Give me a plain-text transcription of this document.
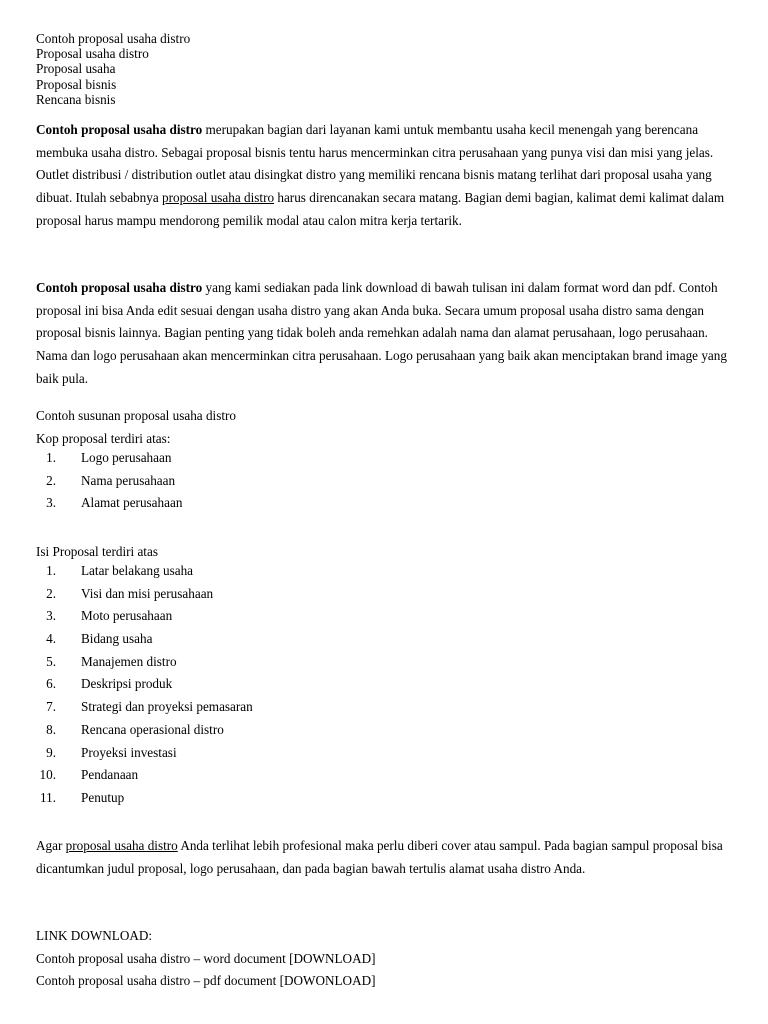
Contoh proposal usaha distro
Proposal usaha distro
Proposal usaha
Proposal bisnis
Rencana bisnis

Contoh proposal usaha distro merupakan bagian dari layanan kami untuk membantu usaha kecil menengah yang berencana membuka usaha distro. Sebagai proposal bisnis tentu harus mencerminkan citra perusahaan yang punya visi dan misi yang jelas. Outlet distribusi / distribution outlet atau disingkat distro yang memiliki rencana bisnis matang terlihat dari proposal usaha yang dibuat. Itulah sebabnya proposal usaha distro harus direncanakan secara matang. Bagian demi bagian, kalimat demi kalimat dalam proposal harus mampu mendorong pemilik modal atau calon mitra kerja tertarik.

Contoh proposal usaha distro yang kami sediakan pada link download di bawah tulisan ini dalam format word dan pdf. Contoh proposal ini bisa Anda edit sesuai dengan usaha distro yang akan Anda buka. Secara umum proposal usaha distro sama dengan proposal bisnis lainnya. Bagian penting yang tidak boleh anda remehkan adalah nama dan alamat perusahaan, logo perusahaan. Nama dan logo perusahaan akan mencerminkan citra perusahaan. Logo perusahaan yang baik akan menciptakan brand image yang baik pula.

Contoh susunan proposal usaha distro
Kop proposal terdiri atas:
1.	Logo perusahaan
2.	Nama perusahaan
3.	Alamat perusahaan
Isi Proposal terdiri atas
1.	Latar belakang usaha
2.	Visi dan misi perusahaan
3.	Moto perusahaan
4.	Bidang usaha
5.	Manajemen distro
6.	Deskripsi produk
7.	Strategi dan proyeksi pemasaran
8.	Rencana operasional distro
9.	Proyeksi investasi
10.	Pendanaan
11.	Penutup

Agar proposal usaha distro Anda terlihat lebih profesional maka perlu diberi cover atau sampul. Pada bagian sampul proposal bisa dicantumkan judul proposal, logo perusahaan, dan pada bagian bawah tertulis alamat usaha distro Anda.

LINK DOWNLOAD:
Contoh proposal usaha distro – word document [DOWNLOAD]
Contoh proposal usaha distro – pdf document [DOWONLOAD]
